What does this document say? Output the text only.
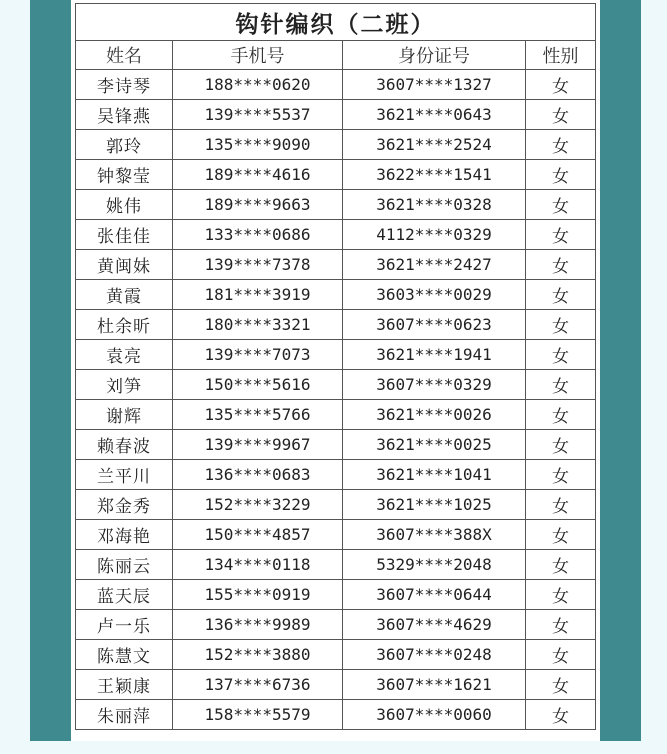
钩针编织（二班）			
姓名	手机号	身份证号	性别
李诗琴	188****0620	3607****1327	女
吴锋燕	139****5537	3621****0643	女
郭玲	135****9090	3621****2524	女
钟黎莹	189****4616	3622****1541	女
姚伟	189****9663	3621****0328	女
张佳佳	133****0686	4112****0329	女
黄闽妹	139****7378	3621****2427	女
黄霞	181****3919	3603****0029	女
杜余昕	180****3321	3607****0623	女
袁亮	139****7073	3621****1941	女
刘笋	150****5616	3607****0329	女
谢辉	135****5766	3621****0026	女
赖春波	139****9967	3621****0025	女
兰平川	136****0683	3621****1041	女
郑金秀	152****3229	3621****1025	女
邓海艳	150****4857	3607****388X	女
陈丽云	134****0118	5329****2048	女
蓝天辰	155****0919	3607****0644	女
卢一乐	136****9989	3607****4629	女
陈慧文	152****3880	3607****0248	女
王颖康	137****6736	3607****1621	女
朱丽萍	158****5579	3607****0060	女
